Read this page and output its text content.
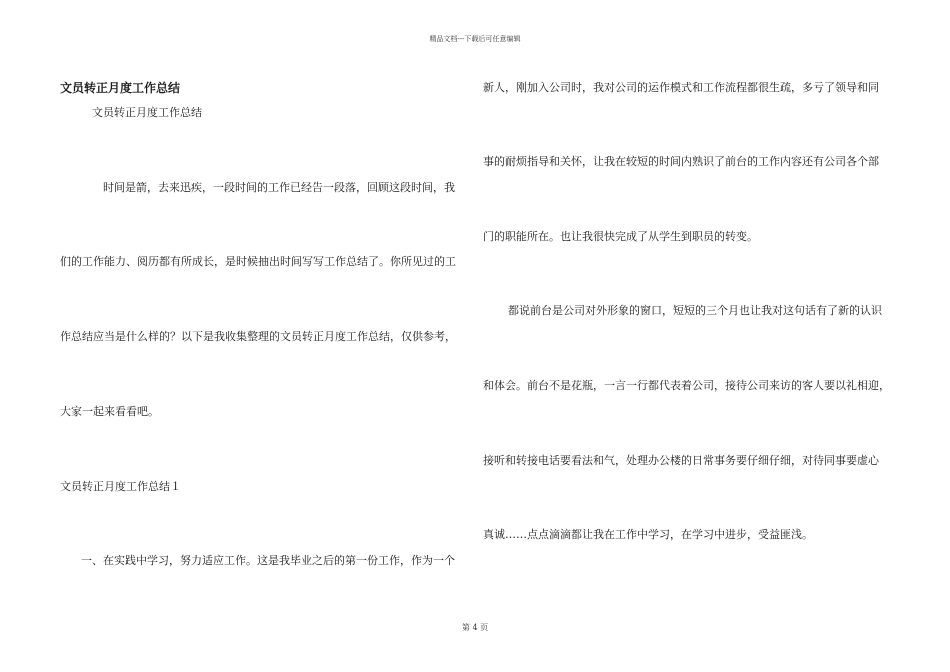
精品文档---下载后可任意编辑
文员转正月度工作总结
文员转正月度工作总结
时间是箭，去来迅疾，一段时间的工作已经告一段落，回顾这段时间，我
们的工作能力、阅历都有所成长，是时候抽出时间写写工作总结了。你所见过的工
作总结应当是什么样的？以下是我收集整理的文员转正月度工作总结，仅供参考，
大家一起来看看吧。
文员转正月度工作总结１
一、在实践中学习，努力适应工作。这是我毕业之后的第一份工作，作为一个
新人，刚加入公司时，我对公司的运作模式和工作流程都很生疏，多亏了领导和同
事的耐烦指导和关怀，让我在较短的时间内熟识了前台的工作内容还有公司各个部
门的职能所在。也让我很快完成了从学生到职员的转变。
都说前台是公司对外形象的窗口，短短的三个月也让我对这句话有了新的认识
和体会。前台不是花瓶，一言一行都代表着公司，接待公司来访的客人要以礼相迎，
接听和转接电话要看法和气，处理办公楼的日常事务要仔细仔细，对待同事要虚心
真诚……点点滴滴都让我在工作中学习，在学习中进步，受益匪浅。
第 4 页
